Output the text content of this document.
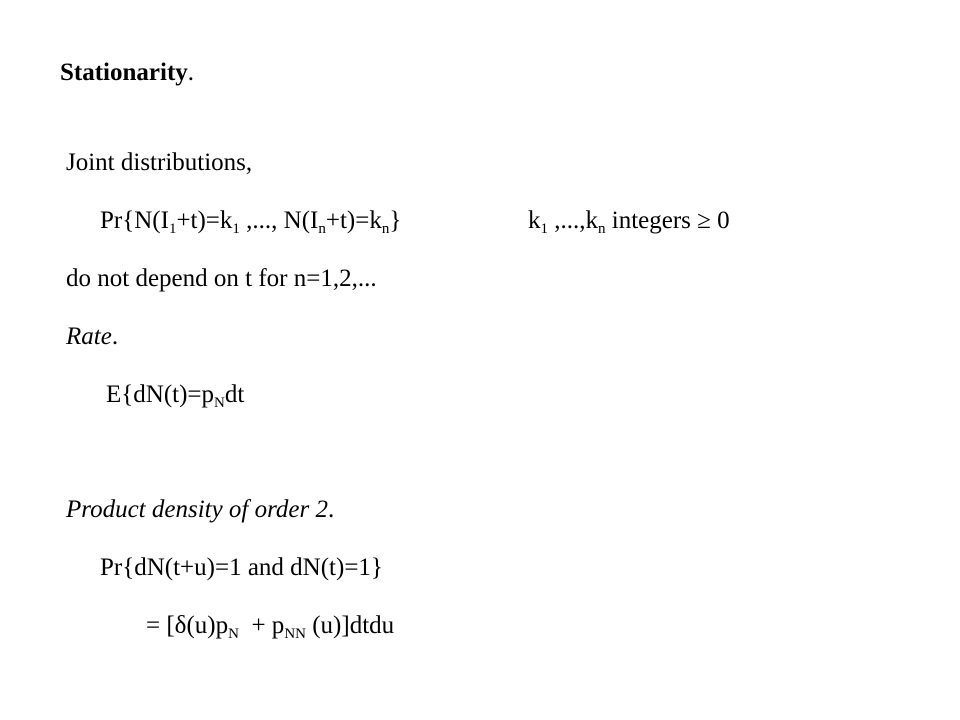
Stationarity.
Joint distributions,
$Pr\{N(I_1+t)=k_1$ ,..., $N(I_n+t)=k_n$}	$k_1$ $,...,k_n$ integers ≥ 0
do not depend on t for n=1,2,...
Rate.
$E\{dN(t)=p_Ndt$
Product density of order 2.
Pr{dN(t+u)=1 and dN(t)=1}
= [$\delta(u)p_N + p_{NN}$ (u)]dtdu
